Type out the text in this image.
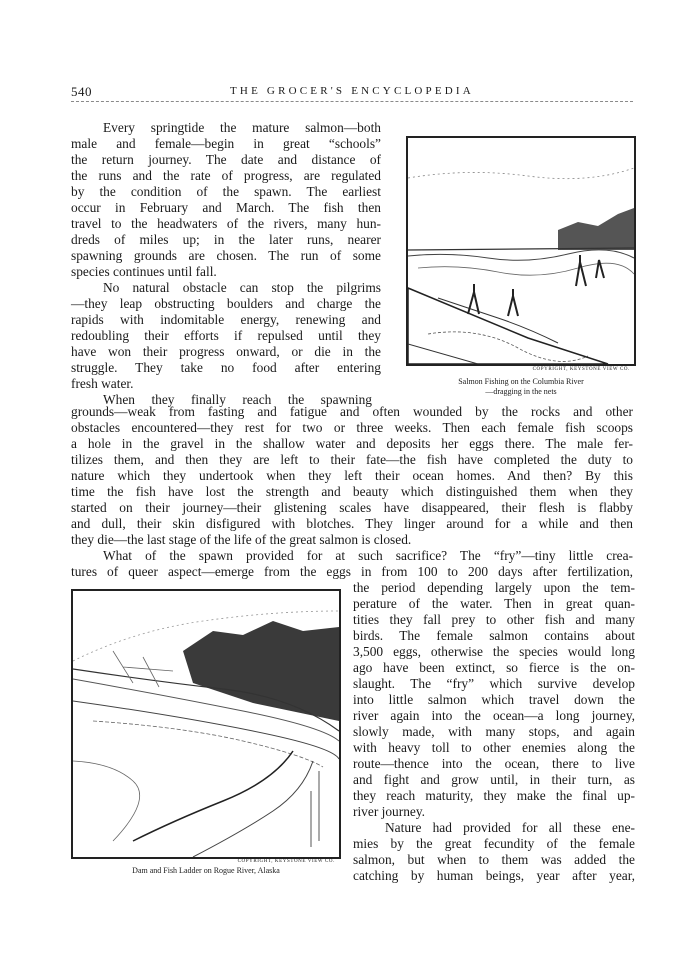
540	THE GROCER'S ENCYCLOPEDIA
Every springtide the mature salmon—both
male and female—begin in great “schools”
the return journey. The date and distance of
the runs and the rate of progress, are regulated
by the condition of the spawn. The earliest
occur in February and March. The fish then
travel to the headwaters of the rivers, many hun-
dreds of miles up; in the later runs, nearer
spawning grounds are chosen. The run of some
species continues until fall.
No natural obstacle can stop the pilgrims
—they leap obstructing boulders and charge the
rapids with indomitable energy, renewing and
redoubling their efforts if repulsed until they
have won their progress onward, or die in the
struggle. They take no food after entering
fresh water.
When they finally reach the spawning
grounds—weak from fasting and fatigue and often wounded by the rocks and other
obstacles encountered—they rest for two or three weeks. Then each female fish scoops
a hole in the gravel in the shallow water and deposits her eggs there. The male fer-
tilizes them, and then they are left to their fate—the fish have completed the duty to
nature which they undertook when they left their ocean homes. And then? By this
time the fish have lost the strength and beauty which distinguished them when they
started on their journey—their glistening scales have disappeared, their flesh is flabby
and dull, their skin disfigured with blotches. They linger around for a while and then
they die—the last stage of the life of the great salmon is closed.
What of the spawn provided for at such sacrifice? The “fry”—tiny little crea-
tures of queer aspect—emerge from the eggs in from 100 to 200 days after fertilization,
the period depending largely upon the tem-
perature of the water. Then in great quan-
tities they fall prey to other fish and many
birds. The female salmon contains about
3,500 eggs, otherwise the species would long
ago have been extinct, so fierce is the on-
slaught. The “fry” which survive develop
into little salmon which travel down the
river again into the ocean—a long journey,
slowly made, with many stops, and again
with heavy toll to other enemies along the
route—thence into the ocean, there to live
and fight and grow until, in their turn, as
they reach maturity, they make the final up-
river journey.
Nature had provided for all these ene-
mies by the great fecundity of the female
salmon, but when to them was added the
catching by human beings, year after year,
COPYRIGHT, KEYSTONE VIEW CO.
Salmon Fishing on the Columbia River
—dragging in the nets
COPYRIGHT, KEYSTONE VIEW CO.
Dam and Fish Ladder on Rogue River, Alaska
